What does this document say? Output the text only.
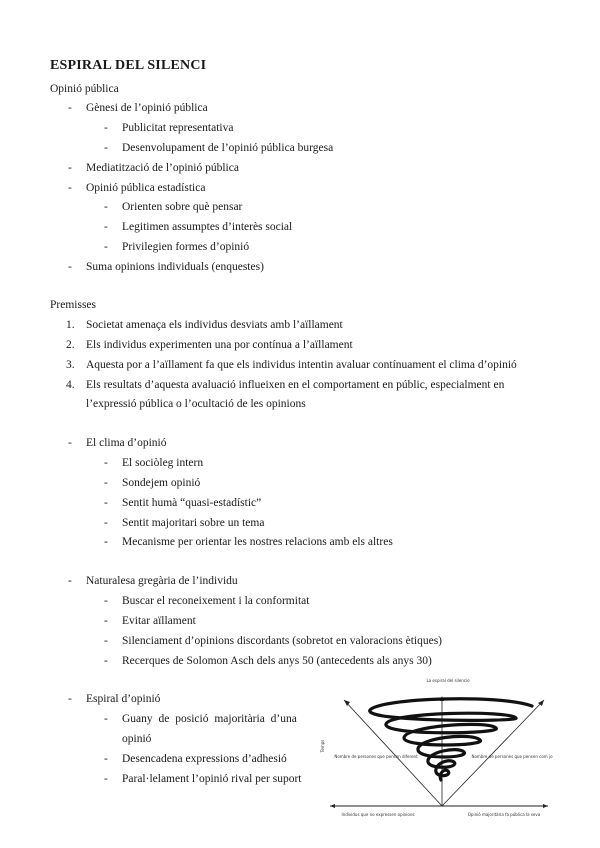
ESPIRAL DEL SILENCI
Opinió pública
- Gènesi de l’opinió pública
- Publicitat representativa
- Desenvolupament de l’opinió pública burgesa
- Mediatització de l’opinió pública
- Opinió pública estadística
- Orienten sobre què pensar
- Legitimen assumptes d’interès social
- Privilegien formes d’opinió
- Suma opinions individuals (enquestes)
Premisses
1. Societat amenaça els individus desviats amb l’aïllament
2. Els individus experimenten una por contínua a l’aïllament
3. Aquesta por a l’aïllament fa que els individus intentin avaluar contínuament el clima d’opinió
4. Els resultats d’aquesta avaluació influeixen en el comportament en públic, especialment en
l’expressió pública o l’ocultació de les opinions
- El clima d’opinió
- El sociòleg intern
- Sondejem opinió
- Sentit humà “quasi-estadístic”
- Sentit majoritari sobre un tema
- Mecanisme per orientar les nostres relacions amb els altres
- Naturalesa gregària de l’individu
- Buscar el reconeixement i la conformitat
- Evitar aïllament
- Silenciament d’opinions discordants (sobretot en valoracions ètiques)
- Recerques de Solomon Asch dels anys 50 (antecedents als anys 30)
- Espiral d’opinió
- Guany de posició majoritària d’una
opinió
- Desencadena expressions d’adhesió
- Paral·lelament l’opinió rival per suport
La espiral del silencio
Temps
Nombre de persones que pensen diferent	Nombre de persones que pensen com jo
Individus que no expressen opinions	Opinió majoritària fa pública la seva
